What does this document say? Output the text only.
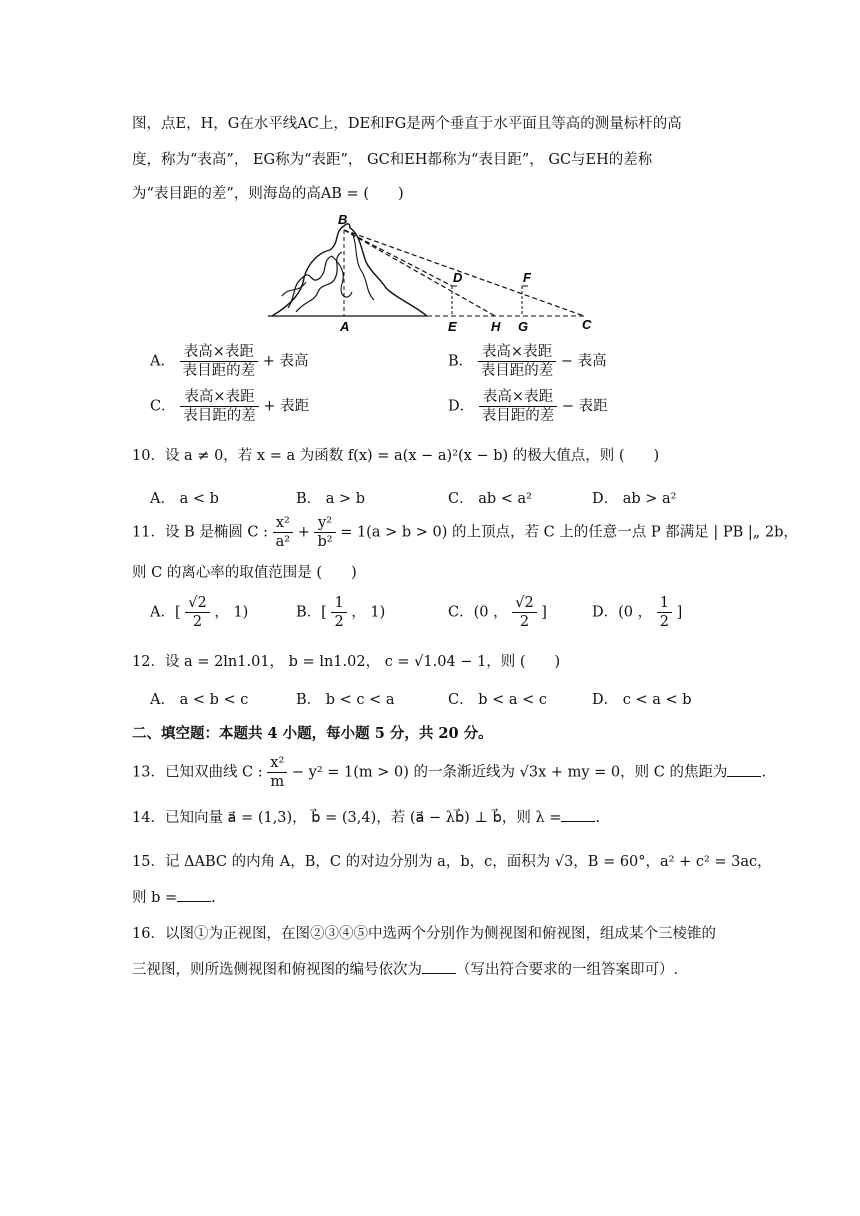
图，点E，H，G在水平线AC上，DE和FG是两个垂直于水平面且等高的测量标杆的高
度，称为“表高”， EG称为“表距”， GC和EH都称为“表目距”， GC与EH的差称
为“表目距的差”，则海岛的高AB = (　　)
B
D	F
A	E	H G	C
A． $\frac{\text{表高×表距}}{\text{表目距的差}}$ + 表高	B． $\frac{\text{表高×表距}}{\text{表目距的差}}$ − 表高
C． $\frac{\text{表高×表距}}{\text{表目距的差}}$ + 表距	D． $\frac{\text{表高×表距}}{\text{表目距的差}}$ − 表距
10．设 a ≠ 0，若 x = a 为函数 f(x) = a(x − a)²(x − b) 的极大值点，则 (　　)
A． a < b	B． a > b	C． ab < a²	D． ab > a²
11．设 B 是椭圆 C : $\frac{\text{x²}}{\text{a²}} + \frac{\text{y²}}{\text{b²}} = 1(a > b > 0)$ 的上顶点，若 C 上的任意一点 P 都满足 | PB |„ 2b，
则 C 的离心率的取值范围是 (　　)
A．[ $\frac{√2}{2}$ ， 1)	B．[ $\frac{1}{2}$ ， 1)	C．(0 ， $\frac{√2}{2}$ ]	D．(0 ， $\frac{1}{2}$ ]
12．设 a = 2ln1.01， b = ln1.02， c = √1.04 − 1，则 (　　)
A． a < b < c	B． b < c < a	C． b < a < c	D． c < a < b
二、填空题：本题共 4 小题，每小题 5 分，共 20 分。
13．已知双曲线 C : $\frac{\text{x²}}{m} - y^2 = 1(m > 0)$ 的一条渐近线为 √3x + my = 0，则 C 的焦距为 .
14．已知向量 a⃗ = (1,3)， b⃗ = (3,4)，若 (a⃗ − λb⃗) ⊥ b⃗，则 λ = .
15．记 ΔABC 的内角 A，B，C 的对边分别为 a，b，c，面积为 √3，B = 60°，a² + c² = 3ac，
则 b = .
16．以图①为正视图，在图②③④⑤中选两个分别作为侧视图和俯视图，组成某个三棱锥的
三视图，则所选侧视图和俯视图的编号依次为 （写出符合要求的一组答案即可）.
